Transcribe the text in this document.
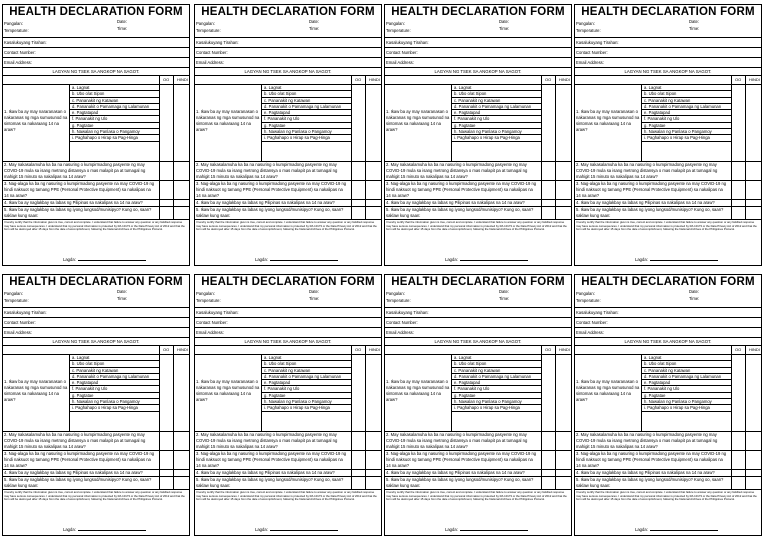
HEALTH DECLARATION FORM
Pangalan:
Temperature:
Date:
Time:
Kasalukuyang Tirahan:
Contact Number:
Email Address:
LAGYAN NG TSEK SA ANGKOP NA SAGOT.
OO HINDI
1. Ikaw ba ay may nararanasan o nakaranas ng mga sumusunod na sintomas sa nakaraang 14 na araw?
a. Lagnat
b. Ubo o/at Sipon
c. Pananakit ng Katawan
d. Pananakit o Pamamaga ng Lalamunan
e. Pagtatapad
f. Pananakit ng Ulo
g. Pagtatae
h. Nawalan ng Panlasa o Pangamoy
i. Paghahapo o Hirap sa Pag-Hinga
2. May nakasalamuha ka ba na nasuring o kumpirmadong pasyente ng may COVID-19 mula sa isang metrong distansya o mas malapit pa at tumagal ng mahigit 15 minuto sa nakalipas na 14 araw?
3. Nag-alaga ka ba ng nasuring o kumpirmadong pasyente na may COVID-19 ng hindi naksuot ng tamang PPE (Personal Protective Equipment) sa nakalipas na 14 na araw?
4. Ikaw ba ay naglakbay sa labas ng Pilipinas sa nakalipas na 14 na araw?
5. Ikaw ba ay naglakbay sa labas ng iyong lungsod/munisipyo? Kung oo, saan?
saklaw kung saan:
I hereby certify that the information given is true, correct and complete. I understand that failure to answer any question or any falsified response may have serious consequences. I understand that my personal information is protected by RA 10173 or the Data Privacy Act of 2012 and that the form will be destroyed after 15 days from the date of accomplishment, following the National Archives of the Philippines Protocol.
Lagda:
HEALTH DECLARATION FORM
Pangalan:
Temperature:
Date:
Time:
Kasalukuyang Tirahan:
Contact Number:
Email Address:
LAGYAN NG TSEK SA ANGKOP NA SAGOT.
OO HINDI
1. Ikaw ba ay may nararanasan o nakaranas ng mga sumusunod na sintomas sa nakaraang 14 na araw?
a. Lagnat
b. Ubo o/at Sipon
c. Pananakit ng Katawan
d. Pananakit o Pamamaga ng Lalamunan
e. Pagtatapad
f. Pananakit ng Ulo
g. Pagtatae
h. Nawalan ng Panlasa o Pangamoy
i. Paghahapo o Hirap sa Pag-Hinga
2. May nakasalamuha ka ba na nasuring o kumpirmadong pasyente ng may COVID-19 mula sa isang metrong distansya o mas malapit pa at tumagal ng mahigit 15 minuto sa nakalipas na 14 araw?
3. Nag-alaga ka ba ng nasuring o kumpirmadong pasyente na may COVID-19 ng hindi naksuot ng tamang PPE (Personal Protective Equipment) sa nakalipas na 14 na araw?
4. Ikaw ba ay naglakbay sa labas ng Pilipinas sa nakalipas na 14 na araw?
5. Ikaw ba ay naglakbay sa labas ng iyong lungsod/munisipyo? Kung oo, saan?
saklaw kung saan:
I hereby certify that the information given is true, correct and complete. I understand that failure to answer any question or any falsified response may have serious consequences. I understand that my personal information is protected by RA 10173 or the Data Privacy Act of 2012 and that the form will be destroyed after 15 days from the date of accomplishment, following the National Archives of the Philippines Protocol.
Lagda:
HEALTH DECLARATION FORM
Pangalan:
Temperature:
Date:
Time:
Kasalukuyang Tirahan:
Contact Number:
Email Address:
LAGYAN NG TSEK SA ANGKOP NA SAGOT.
OO HINDI
1. Ikaw ba ay may nararanasan o nakaranas ng mga sumusunod na sintomas sa nakaraang 14 na araw?
a. Lagnat
b. Ubo o/at Sipon
c. Pananakit ng Katawan
d. Pananakit o Pamamaga ng Lalamunan
e. Pagtatapad
f. Pananakit ng Ulo
g. Pagtatae
h. Nawalan ng Panlasa o Pangamoy
i. Paghahapo o Hirap sa Pag-Hinga
2. May nakasalamuha ka ba na nasuring o kumpirmadong pasyente ng may COVID-19 mula sa isang metrong distansya o mas malapit pa at tumagal ng mahigit 15 minuto sa nakalipas na 14 araw?
3. Nag-alaga ka ba ng nasuring o kumpirmadong pasyente na may COVID-19 ng hindi naksuot ng tamang PPE (Personal Protective Equipment) sa nakalipas na 14 na araw?
4. Ikaw ba ay naglakbay sa labas ng Pilipinas sa nakalipas na 14 na araw?
5. Ikaw ba ay naglakbay sa labas ng iyong lungsod/munisipyo? Kung oo, saan?
saklaw kung saan:
I hereby certify that the information given is true, correct and complete. I understand that failure to answer any question or any falsified response may have serious consequences. I understand that my personal information is protected by RA 10173 or the Data Privacy Act of 2012 and that the form will be destroyed after 15 days from the date of accomplishment, following the National Archives of the Philippines Protocol.
Lagda:
HEALTH DECLARATION FORM
Pangalan:
Temperature:
Date:
Time:
Kasalukuyang Tirahan:
Contact Number:
Email Address:
LAGYAN NG TSEK SA ANGKOP NA SAGOT.
OO HINDI
1. Ikaw ba ay may nararanasan o nakaranas ng mga sumusunod na sintomas sa nakaraang 14 na araw?
a. Lagnat
b. Ubo o/at Sipon
c. Pananakit ng Katawan
d. Pananakit o Pamamaga ng Lalamunan
e. Pagtatapad
f. Pananakit ng Ulo
g. Pagtatae
h. Nawalan ng Panlasa o Pangamoy
i. Paghahapo o Hirap sa Pag-Hinga
2. May nakasalamuha ka ba na nasuring o kumpirmadong pasyente ng may COVID-19 mula sa isang metrong distansya o mas malapit pa at tumagal ng mahigit 15 minuto sa nakalipas na 14 araw?
3. Nag-alaga ka ba ng nasuring o kumpirmadong pasyente na may COVID-19 ng hindi naksuot ng tamang PPE (Personal Protective Equipment) sa nakalipas na 14 na araw?
4. Ikaw ba ay naglakbay sa labas ng Pilipinas sa nakalipas na 14 na araw?
5. Ikaw ba ay naglakbay sa labas ng iyong lungsod/munisipyo? Kung oo, saan?
saklaw kung saan:
I hereby certify that the information given is true, correct and complete. I understand that failure to answer any question or any falsified response may have serious consequences. I understand that my personal information is protected by RA 10173 or the Data Privacy Act of 2012 and that the form will be destroyed after 15 days from the date of accomplishment, following the National Archives of the Philippines Protocol.
Lagda:
HEALTH DECLARATION FORM
Pangalan:
Temperature:
Date:
Time:
Kasalukuyang Tirahan:
Contact Number:
Email Address:
LAGYAN NG TSEK SA ANGKOP NA SAGOT.
OO HINDI
1. Ikaw ba ay may nararanasan o nakaranas ng mga sumusunod na sintomas sa nakaraang 14 na araw?
a. Lagnat
b. Ubo o/at Sipon
c. Pananakit ng Katawan
d. Pananakit o Pamamaga ng Lalamunan
e. Pagtatapad
f. Pananakit ng Ulo
g. Pagtatae
h. Nawalan ng Panlasa o Pangamoy
i. Paghahapo o Hirap sa Pag-Hinga
2. May nakasalamuha ka ba na nasuring o kumpirmadong pasyente ng may COVID-19 mula sa isang metrong distansya o mas malapit pa at tumagal ng mahigit 15 minuto sa nakalipas na 14 araw?
3. Nag-alaga ka ba ng nasuring o kumpirmadong pasyente na may COVID-19 ng hindi naksuot ng tamang PPE (Personal Protective Equipment) sa nakalipas na 14 na araw?
4. Ikaw ba ay naglakbay sa labas ng Pilipinas sa nakalipas na 14 na araw?
5. Ikaw ba ay naglakbay sa labas ng iyong lungsod/munisipyo? Kung oo, saan?
saklaw kung saan:
I hereby certify that the information given is true, correct and complete. I understand that failure to answer any question or any falsified response may have serious consequences. I understand that my personal information is protected by RA 10173 or the Data Privacy Act of 2012 and that the form will be destroyed after 15 days from the date of accomplishment, following the National Archives of the Philippines Protocol.
Lagda:
HEALTH DECLARATION FORM
Pangalan:
Temperature:
Date:
Time:
Kasalukuyang Tirahan:
Contact Number:
Email Address:
LAGYAN NG TSEK SA ANGKOP NA SAGOT.
OO HINDI
1. Ikaw ba ay may nararanasan o nakaranas ng mga sumusunod na sintomas sa nakaraang 14 na araw?
a. Lagnat
b. Ubo o/at Sipon
c. Pananakit ng Katawan
d. Pananakit o Pamamaga ng Lalamunan
e. Pagtatapad
f. Pananakit ng Ulo
g. Pagtatae
h. Nawalan ng Panlasa o Pangamoy
i. Paghahapo o Hirap sa Pag-Hinga
2. May nakasalamuha ka ba na nasuring o kumpirmadong pasyente ng may COVID-19 mula sa isang metrong distansya o mas malapit pa at tumagal ng mahigit 15 minuto sa nakalipas na 14 araw?
3. Nag-alaga ka ba ng nasuring o kumpirmadong pasyente na may COVID-19 ng hindi naksuot ng tamang PPE (Personal Protective Equipment) sa nakalipas na 14 na araw?
4. Ikaw ba ay naglakbay sa labas ng Pilipinas sa nakalipas na 14 na araw?
5. Ikaw ba ay naglakbay sa labas ng iyong lungsod/munisipyo? Kung oo, saan?
saklaw kung saan:
I hereby certify that the information given is true, correct and complete. I understand that failure to answer any question or any falsified response may have serious consequences. I understand that my personal information is protected by RA 10173 or the Data Privacy Act of 2012 and that the form will be destroyed after 15 days from the date of accomplishment, following the National Archives of the Philippines Protocol.
Lagda:
HEALTH DECLARATION FORM
Pangalan:
Temperature:
Date:
Time:
Kasalukuyang Tirahan:
Contact Number:
Email Address:
LAGYAN NG TSEK SA ANGKOP NA SAGOT.
OO HINDI
1. Ikaw ba ay may nararanasan o nakaranas ng mga sumusunod na sintomas sa nakaraang 14 na araw?
a. Lagnat
b. Ubo o/at Sipon
c. Pananakit ng Katawan
d. Pananakit o Pamamaga ng Lalamunan
e. Pagtatapad
f. Pananakit ng Ulo
g. Pagtatae
h. Nawalan ng Panlasa o Pangamoy
i. Paghahapo o Hirap sa Pag-Hinga
2. May nakasalamuha ka ba na nasuring o kumpirmadong pasyente ng may COVID-19 mula sa isang metrong distansya o mas malapit pa at tumagal ng mahigit 15 minuto sa nakalipas na 14 araw?
3. Nag-alaga ka ba ng nasuring o kumpirmadong pasyente na may COVID-19 ng hindi naksuot ng tamang PPE (Personal Protective Equipment) sa nakalipas na 14 na araw?
4. Ikaw ba ay naglakbay sa labas ng Pilipinas sa nakalipas na 14 na araw?
5. Ikaw ba ay naglakbay sa labas ng iyong lungsod/munisipyo? Kung oo, saan?
saklaw kung saan:
I hereby certify that the information given is true, correct and complete. I understand that failure to answer any question or any falsified response may have serious consequences. I understand that my personal information is protected by RA 10173 or the Data Privacy Act of 2012 and that the form will be destroyed after 15 days from the date of accomplishment, following the National Archives of the Philippines Protocol.
Lagda:
HEALTH DECLARATION FORM
Pangalan:
Temperature:
Date:
Time:
Kasalukuyang Tirahan:
Contact Number:
Email Address:
LAGYAN NG TSEK SA ANGKOP NA SAGOT.
OO HINDI
1. Ikaw ba ay may nararanasan o nakaranas ng mga sumusunod na sintomas sa nakaraang 14 na araw?
a. Lagnat
b. Ubo o/at Sipon
c. Pananakit ng Katawan
d. Pananakit o Pamamaga ng Lalamunan
e. Pagtatapad
f. Pananakit ng Ulo
g. Pagtatae
h. Nawalan ng Panlasa o Pangamoy
i. Paghahapo o Hirap sa Pag-Hinga
2. May nakasalamuha ka ba na nasuring o kumpirmadong pasyente ng may COVID-19 mula sa isang metrong distansya o mas malapit pa at tumagal ng mahigit 15 minuto sa nakalipas na 14 araw?
3. Nag-alaga ka ba ng nasuring o kumpirmadong pasyente na may COVID-19 ng hindi naksuot ng tamang PPE (Personal Protective Equipment) sa nakalipas na 14 na araw?
4. Ikaw ba ay naglakbay sa labas ng Pilipinas sa nakalipas na 14 na araw?
5. Ikaw ba ay naglakbay sa labas ng iyong lungsod/munisipyo? Kung oo, saan?
saklaw kung saan:
I hereby certify that the information given is true, correct and complete. I understand that failure to answer any question or any falsified response may have serious consequences. I understand that my personal information is protected by RA 10173 or the Data Privacy Act of 2012 and that the form will be destroyed after 15 days from the date of accomplishment, following the National Archives of the Philippines Protocol.
Lagda:
